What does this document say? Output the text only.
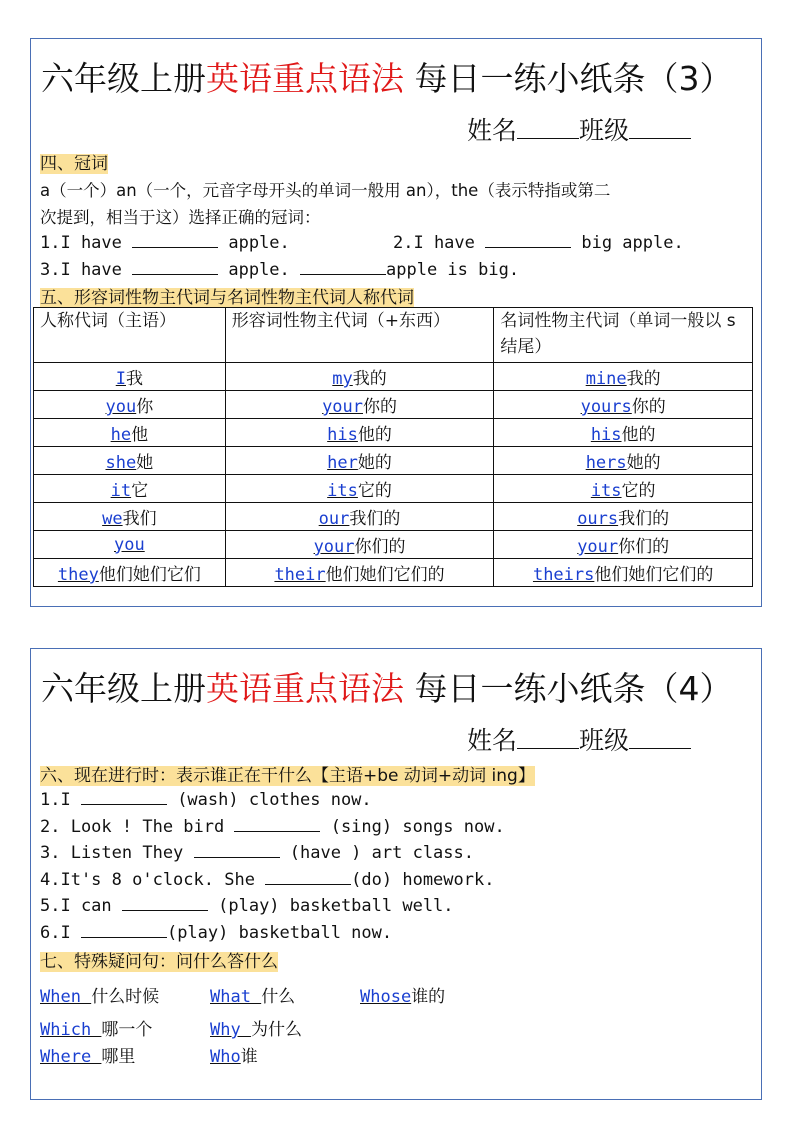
六年级上册英语重点语法 每日一练小纸条（3）
姓名 班级
四、冠词
a（一个）an（一个，元音字母开头的单词一般用 an），the（表示特指或第二
次提到，相当于这）选择正确的冠词：
1.I have	apple.	2.I have	big apple.
3.I have	apple.	apple is big.
五、形容词性物主代词与名词性物主代词人称代词
人称代词（主语）	形容词性物主代词（+东西）	名词性物主代词（单词一般以 s 结尾）
I我	my我的	mine我的
you你	your你的	yours你的
he他	his他的	his他的
she她	her她的	hers她的
it它	its它的	its它的
we我们	our我们的	ours我们的
you	your你们的	your你们的
they他们她们它们	their他们她们它们的	theirs他们她们它们的
六年级上册英语重点语法 每日一练小纸条（4）
姓名 班级
六、现在进行时：表示谁正在干什么【主语+be 动词+动词 ing】
1.I	(wash) clothes now.
2. Look ! The bird	(sing) songs now.
3. Listen They	(have ) art class.
4.It's 8 o'clock. She	(do) homework.
5.I can	(play) basketball well.
6.I	(play) basketball now.
七、特殊疑问句：问什么答什么
When 什么时候	What 什么	Whose谁的
Which 哪一个	Why 为什么
Where 哪里	Who谁
